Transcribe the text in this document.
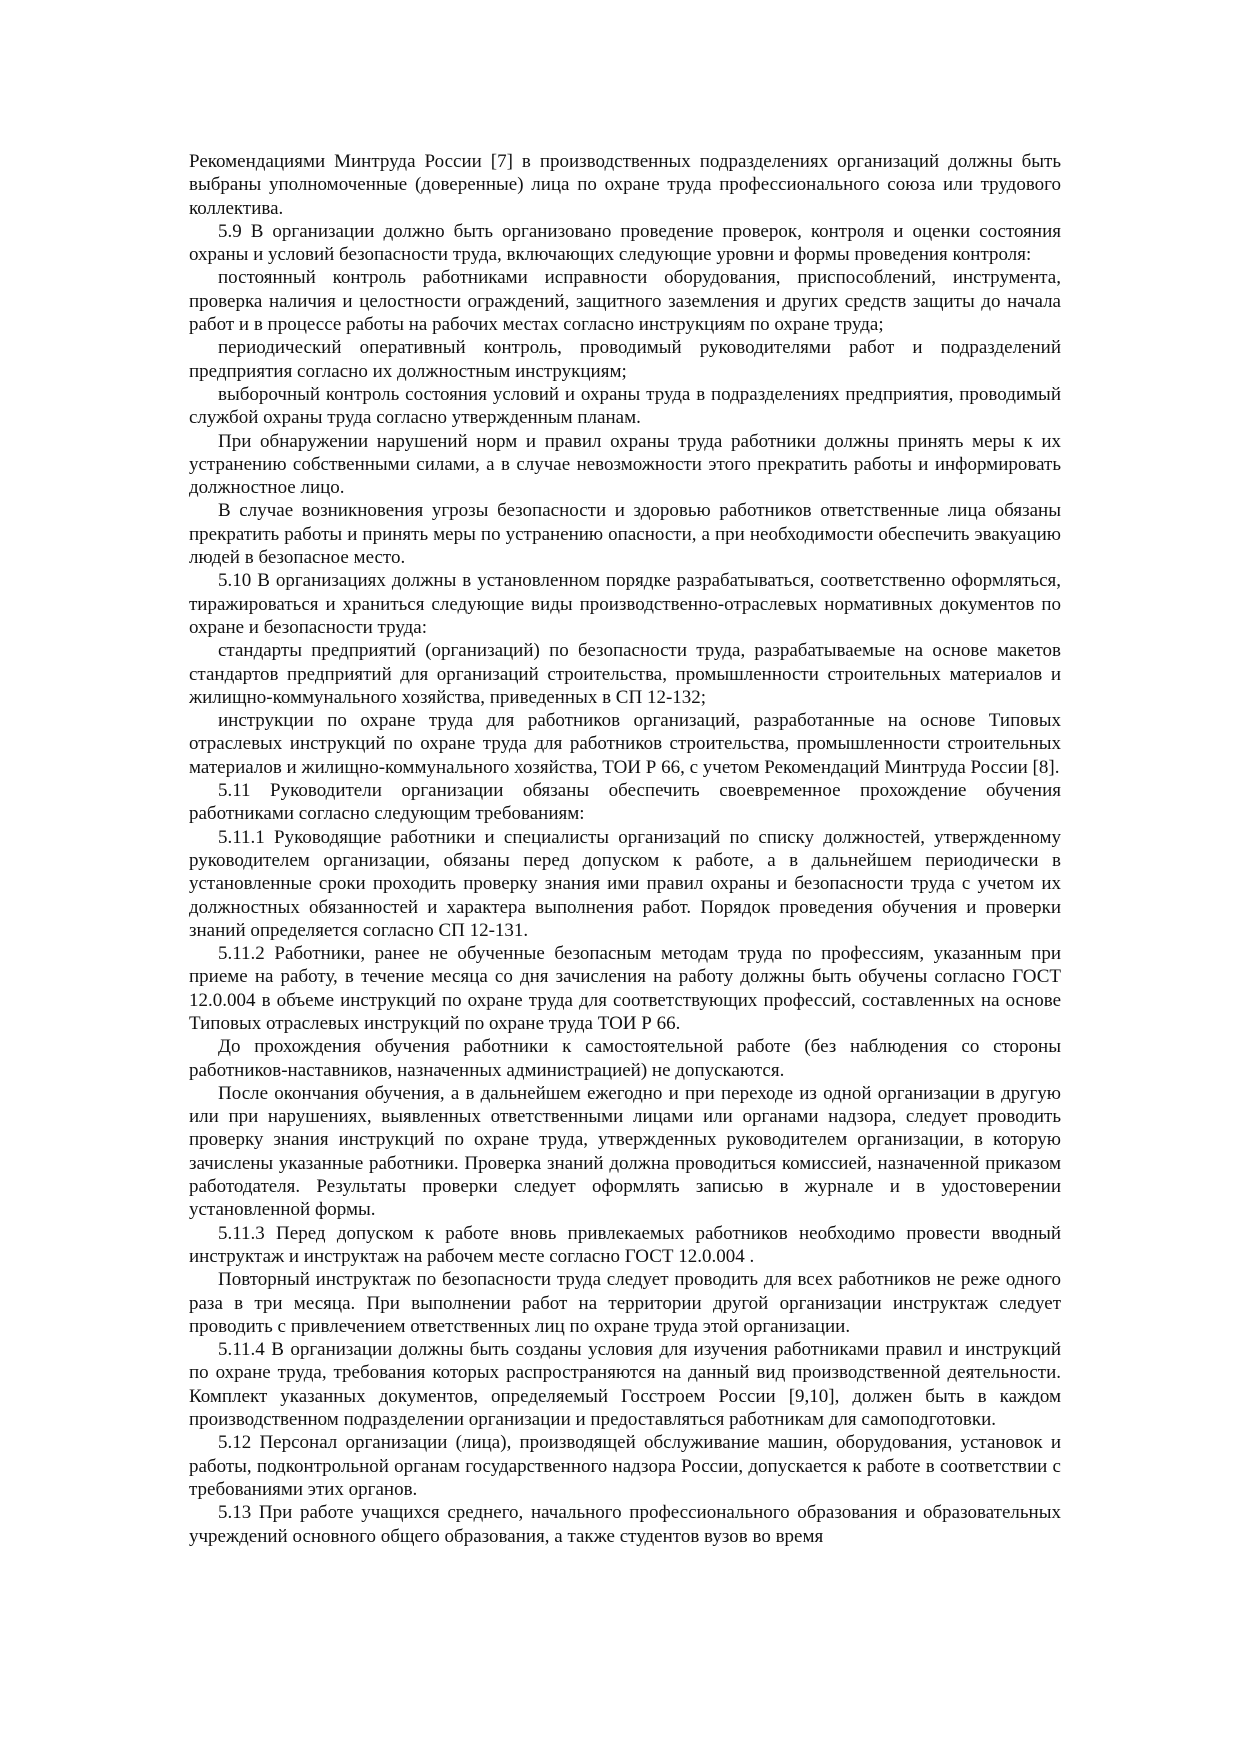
Рекомендациями Минтруда России [7] в производственных подразделениях организаций должны быть выбраны уполномоченные (доверенные) лица по охране труда профессионального союза или трудового коллектива.

5.9 В организации должно быть организовано проведение проверок, контроля и оценки состояния охраны и условий безопасности труда, включающих следующие уровни и формы проведения контроля:

постоянный контроль работниками исправности оборудования, приспособлений, инструмента, проверка наличия и целостности ограждений, защитного заземления и других средств защиты до начала работ и в процессе работы на рабочих местах согласно инструкциям по охране труда;

периодический оперативный контроль, проводимый руководителями работ и подразделений предприятия согласно их должностным инструкциям;

выборочный контроль состояния условий и охраны труда в подразделениях предприятия, проводимый службой охраны труда согласно утвержденным планам.

При обнаружении нарушений норм и правил охраны труда работники должны принять меры к их устранению собственными силами, а в случае невозможности этого прекратить работы и информировать должностное лицо.

В случае возникновения угрозы безопасности и здоровью работников ответственные лица обязаны прекратить работы и принять меры по устранению опасности, а при необходимости обеспечить эвакуацию людей в безопасное место.

5.10 В организациях должны в установленном порядке разрабатываться, соответственно оформляться, тиражироваться и храниться следующие виды производственно-отраслевых нормативных документов по охране и безопасности труда:

стандарты предприятий (организаций) по безопасности труда, разрабатываемые на основе макетов стандартов предприятий для организаций строительства, промышленности строительных материалов и жилищно-коммунального хозяйства, приведенных в СП 12-132;

инструкции по охране труда для работников организаций, разработанные на основе Типовых отраслевых инструкций по охране труда для работников строительства, промышленности строительных материалов и жилищно-коммунального хозяйства, ТОИ Р 66, с учетом Рекомендаций Минтруда России [8].

5.11 Руководители организации обязаны обеспечить своевременное прохождение обучения работниками согласно следующим требованиям:

5.11.1 Руководящие работники и специалисты организаций по списку должностей, утвержденному руководителем организации, обязаны перед допуском к работе, а в дальнейшем периодически в установленные сроки проходить проверку знания ими правил охраны и безопасности труда с учетом их должностных обязанностей и характера выполнения работ. Порядок проведения обучения и проверки знаний определяется согласно СП 12-131.

5.11.2 Работники, ранее не обученные безопасным методам труда по профессиям, указанным при приеме на работу, в течение месяца со дня зачисления на работу должны быть обучены согласно ГОСТ 12.0.004 в объеме инструкций по охране труда для соответствующих профессий, составленных на основе Типовых отраслевых инструкций по охране труда ТОИ Р 66.

До прохождения обучения работники к самостоятельной работе (без наблюдения со стороны работников-наставников, назначенных администрацией) не допускаются.

После окончания обучения, а в дальнейшем ежегодно и при переходе из одной организации в другую или при нарушениях, выявленных ответственными лицами или органами надзора, следует проводить проверку знания инструкций по охране труда, утвержденных руководителем организации, в которую зачислены указанные работники. Проверка знаний должна проводиться комиссией, назначенной приказом работодателя. Результаты проверки следует оформлять записью в журнале и в удостоверении установленной формы.

5.11.3 Перед допуском к работе вновь привлекаемых работников необходимо провести вводный инструктаж и инструктаж на рабочем месте согласно ГОСТ 12.0.004 .

Повторный инструктаж по безопасности труда следует проводить для всех работников не реже одного раза в три месяца. При выполнении работ на территории другой организации инструктаж следует проводить с привлечением ответственных лиц по охране труда этой организации.

5.11.4 В организации должны быть созданы условия для изучения работниками правил и инструкций по охране труда, требования которых распространяются на данный вид производственной деятельности. Комплект указанных документов, определяемый Госстроем России [9,10], должен быть в каждом производственном подразделении организации и предоставляться работникам для самоподготовки.

5.12 Персонал организации (лица), производящей обслуживание машин, оборудования, установок и работы, подконтрольной органам государственного надзора России, допускается к работе в соответствии с требованиями этих органов.

5.13 При работе учащихся среднего, начального профессионального образования и образовательных учреждений основного общего образования, а также студентов вузов во время
